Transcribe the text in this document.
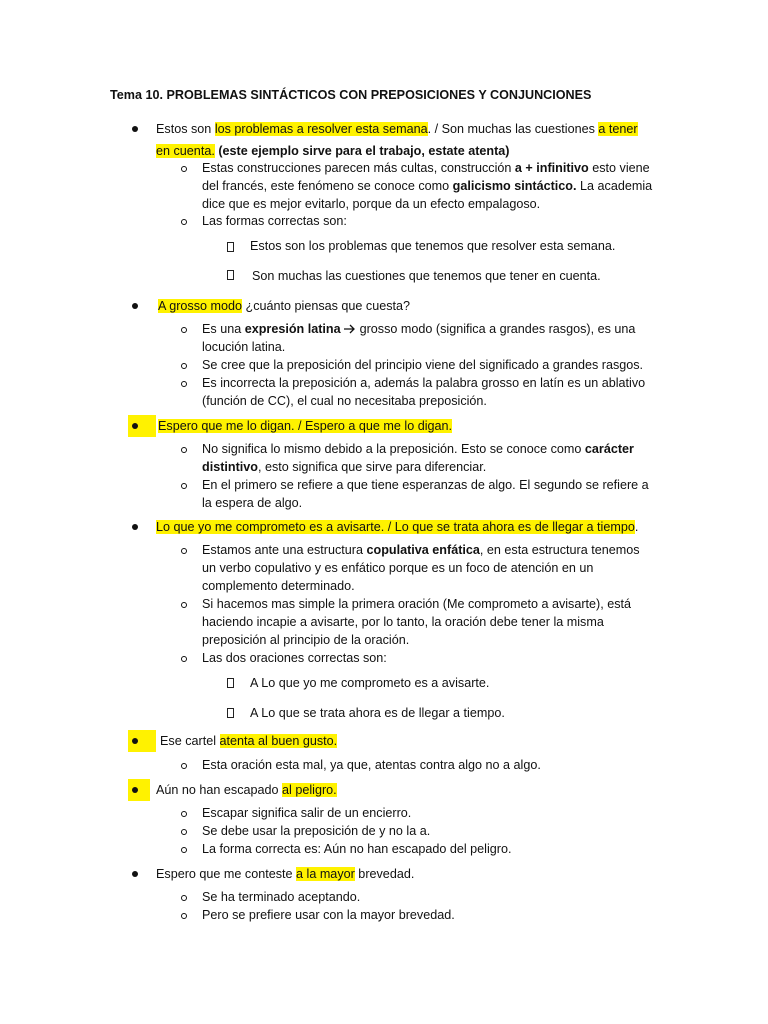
Tema 10. PROBLEMAS SINTÁCTICOS CON PREPOSICIONES Y CONJUNCIONES
Estos son los problemas a resolver esta semana. / Son muchas las cuestiones a tener
en cuenta. (este ejemplo sirve para el trabajo, estate atenta)
Estas construcciones parecen más cultas, construcción a + infinitivo esto viene
del francés, este fenómeno se conoce como galicismo sintáctico. La academia
dice que es mejor evitarlo, porque da un efecto empalagoso.
Las formas correctas son:
Estos son los problemas que tenemos que resolver esta semana.
Son muchas las cuestiones que tenemos que tener en cuenta.
A grosso modo ¿cuánto piensas que cuesta?
Es una expresión latina  grosso modo (significa a grandes rasgos), es una
locución latina.
Se cree que la preposición del principio viene del significado a grandes rasgos.
Es incorrecta la preposición a, además la palabra grosso en latín es un ablativo
(función de CC), el cual no necesitaba preposición.
Espero que me lo digan. / Espero a que me lo digan.
No significa lo mismo debido a la preposición. Esto se conoce como carácter
distintivo, esto significa que sirve para diferenciar.
En el primero se refiere a que tiene esperanzas de algo. El segundo se refiere a
la espera de algo.
Lo que yo me comprometo es a avisarte. / Lo que se trata ahora es de llegar a tiempo.
Estamos ante una estructura copulativa enfática, en esta estructura tenemos
un verbo copulativo y es enfático porque es un foco de atención en un
complemento determinado.
Si hacemos mas simple la primera oración (Me comprometo a avisarte), está
haciendo incapie a avisarte, por lo tanto, la oración debe tener la misma
preposición al principio de la oración.
Las dos oraciones correctas son:
A Lo que yo me comprometo es a avisarte.
A Lo que se trata ahora es de llegar a tiempo.
Ese cartel atenta al buen gusto.
Esta oración esta mal, ya que, atentas contra algo no a algo.
Aún no han escapado al peligro.
Escapar significa salir de un encierro.
Se debe usar la preposición de y no la a.
La forma correcta es: Aún no han escapado del peligro.
Espero que me conteste a la mayor brevedad.
Se ha terminado aceptando.
Pero se prefiere usar con la mayor brevedad.
